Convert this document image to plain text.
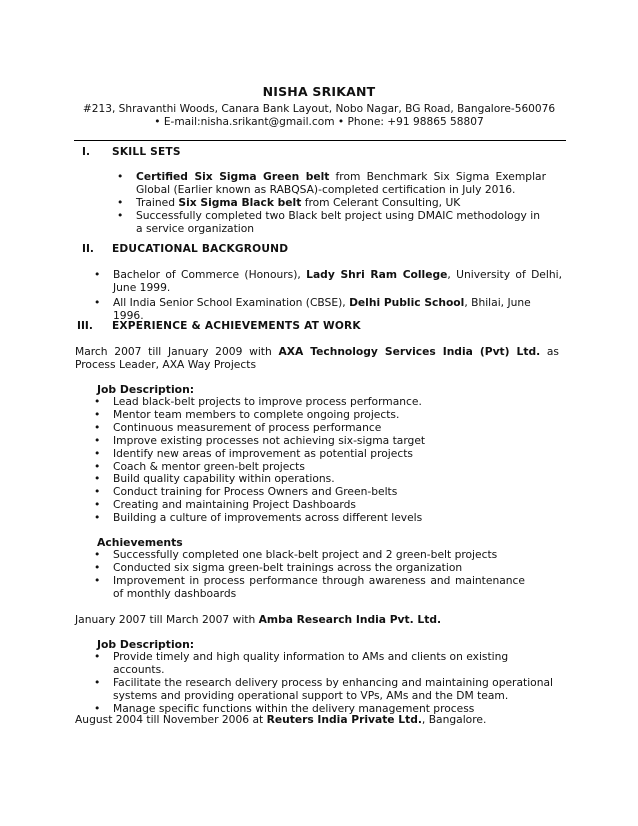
NISHA SRIKANT
#213, Shravanthi Woods, Canara Bank Layout, Nobo Nagar, BG Road, Bangalore-560076
• E-mail:nisha.srikant@gmail.com • Phone: +91 98865 58807
I. SKILL SETS
• Certified Six Sigma Green belt from Benchmark Six Sigma Exemplar Global (Earlier known as RABQSA)-completed certification in July 2016.
• Trained Six Sigma Black belt from Celerant Consulting, UK
• Successfully completed two Black belt project using DMAIC methodology in a service organization
II. EDUCATIONAL BACKGROUND
• Bachelor of Commerce (Honours), Lady Shri Ram College, University of Delhi, June 1999.
• All India Senior School Examination (CBSE), Delhi Public School, Bhilai, June 1996.
III. EXPERIENCE & ACHIEVEMENTS AT WORK
March 2007 till January 2009 with AXA Technology Services India (Pvt) Ltd. as Process Leader, AXA Way Projects
Job Description:
• Lead black-belt projects to improve process performance.
• Mentor team members to complete ongoing projects.
• Continuous measurement of process performance
• Improve existing processes not achieving six-sigma target
• Identify new areas of improvement as potential projects
• Coach & mentor green-belt projects
• Build quality capability within operations.
• Conduct training for Process Owners and Green-belts
• Creating and maintaining Project Dashboards
• Building a culture of improvements across different levels
Achievements
• Successfully completed one black-belt project and 2 green-belt projects
• Conducted six sigma green-belt trainings across the organization
• Improvement in process performance through awareness and maintenance of monthly dashboards
January 2007 till March 2007 with Amba Research India Pvt. Ltd.
Job Description:
• Provide timely and high quality information to AMs and clients on existing accounts.
• Facilitate the research delivery process by enhancing and maintaining operational systems and providing operational support to VPs, AMs and the DM team.
• Manage specific functions within the delivery management process
August 2004 till November 2006 at Reuters India Private Ltd., Bangalore.
